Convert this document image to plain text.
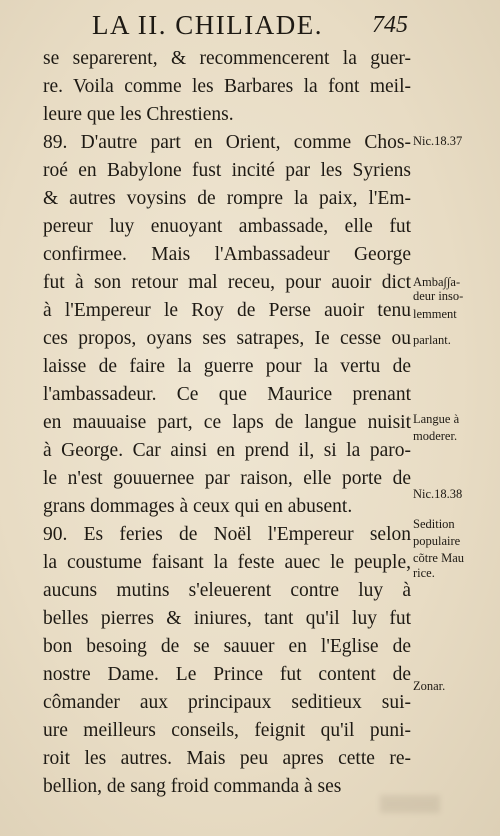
LA II. CHILIADE. 745
se separerent, & recommencerent la guer-
re. Voila comme les Barbares la font meil-
leure que les Chrestiens.
89. D'autre part en Orient, comme Chos-
roé en Babylone fust incité par les Syriens
& autres voysins de rompre la paix, l'Em-
pereur luy enuoyant ambassade, elle fut
confirmee. Mais l'Ambassadeur George
fut à son retour mal receu, pour auoir dict
à l'Empereur le Roy de Perse auoir tenu
ces propos, oyans ses satrapes, Ie cesse ou
laisse de faire la guerre pour la vertu de
l'ambassadeur. Ce que Maurice prenant
en mauuaise part, ce laps de langue nuisit
à George. Car ainsi en prend il, si la paro-
le n'est gouuernee par raison, elle porte de
grans dommages à ceux qui en abusent.
90. Es feries de Noël l'Empereur selon
la coustume faisant la feste auec le peuple,
aucuns mutins s'eleuerent contre luy à
belles pierres & iniures, tant qu'il luy fut
bon besoing de se sauuer en l'Eglise de
nostre Dame. Le Prince fut content de
cômander aux principaux seditieux sui-
ure meilleurs conseils, feignit qu'il puni-
roit les autres. Mais peu apres cette re-
bellion, de sang froid commanda à ses
Nic.18.37
Amba∫∫a-
deur inso-
lemment
parlant.
Langue à
moderer.
Nic.18.38
Sedition
populaire
cõtre Mau
rice.
Zonar.
